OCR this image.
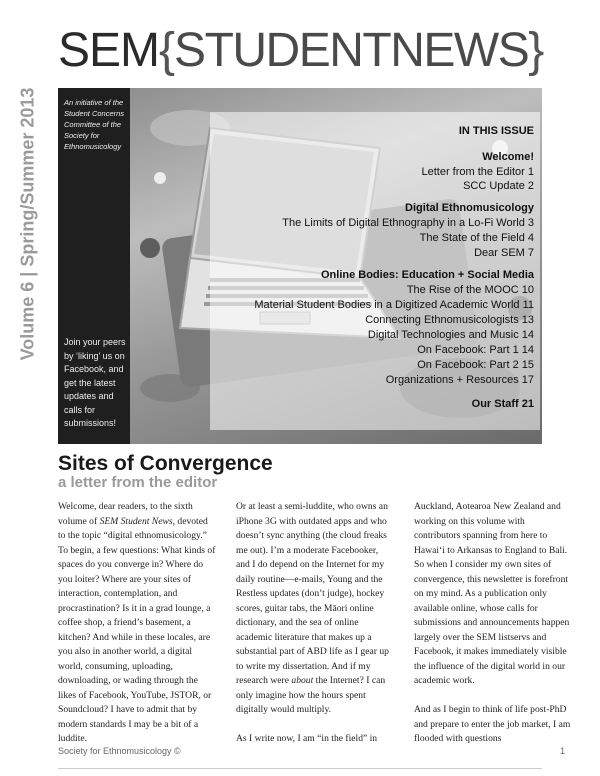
SEM{STUDENTNEWS}
Volume 6 | Spring/Summer 2013	An initiative of the Student Concerns Committee of the Society for Ethnomusicology
Join your peers by ‘liking’ us on Facebook, and get the latest updates and calls for submissions!
IN THIS ISSUE
Welcome!
Letter from the Editor 1
SCC Update 2
Digital Ethnomusicology
The Limits of Digital Ethnography in a Lo-Fi World 3
The State of the Field 4
Dear SEM 7
Online Bodies: Education + Social Media
The Rise of the MOOC 10
Material Student Bodies in a Digitized Academic World 11
Connecting Ethnomusicologists 13
Digital Technologies and Music 14
On Facebook: Part 1 14
On Facebook: Part 2 15
Organizations + Resources 17
Our Staff 21
Sites of Convergence
a letter from the editor

Welcome, dear readers, to the sixth volume of SEM Student News, devoted to the topic “digital ethnomusicology.” To begin, a few questions: What kinds of spaces do you converge in? Where do you loiter? Where are your sites of interaction, contemplation, and procrastination? Is it in a grad lounge, a coffee shop, a friend’s basement, a kitchen? And while in these locales, are you also in another world, a digital world, consuming, uploading, downloading, or wading through the likes of Facebook, YouTube, JSTOR, or Soundcloud? I have to admit that by modern standards I may be a bit of a luddite.

Or at least a semi-luddite, who owns an iPhone 3G with outdated apps and who doesn’t sync anything (the cloud freaks me out). I’m a moderate Facebooker, and I do depend on the Internet for my daily routine—e-mails, Young and the Restless updates (don’t judge), hockey scores, guitar tabs, the Māori online dictionary, and the sea of online academic literature that makes up a substantial part of ABD life as I gear up to write my dissertation. And if my research were about the Internet? I can only imagine how the hours spent digitally would multiply.

As I write now, I am “in the field” in

Auckland, Aotearoa New Zealand and working on this volume with contributors spanning from here to Hawai‘i to Arkansas to England to Bali. So when I consider my own sites of convergence, this newsletter is forefront on my mind. As a publication only available online, whose calls for submissions and announcements happen largely over the SEM listservs and Facebook, it makes immediately visible the influence of the digital world in our academic work.

And as I begin to think of life post-PhD and prepare to enter the job market, I am flooded with questions

Society for Ethnomusicology ©	1
